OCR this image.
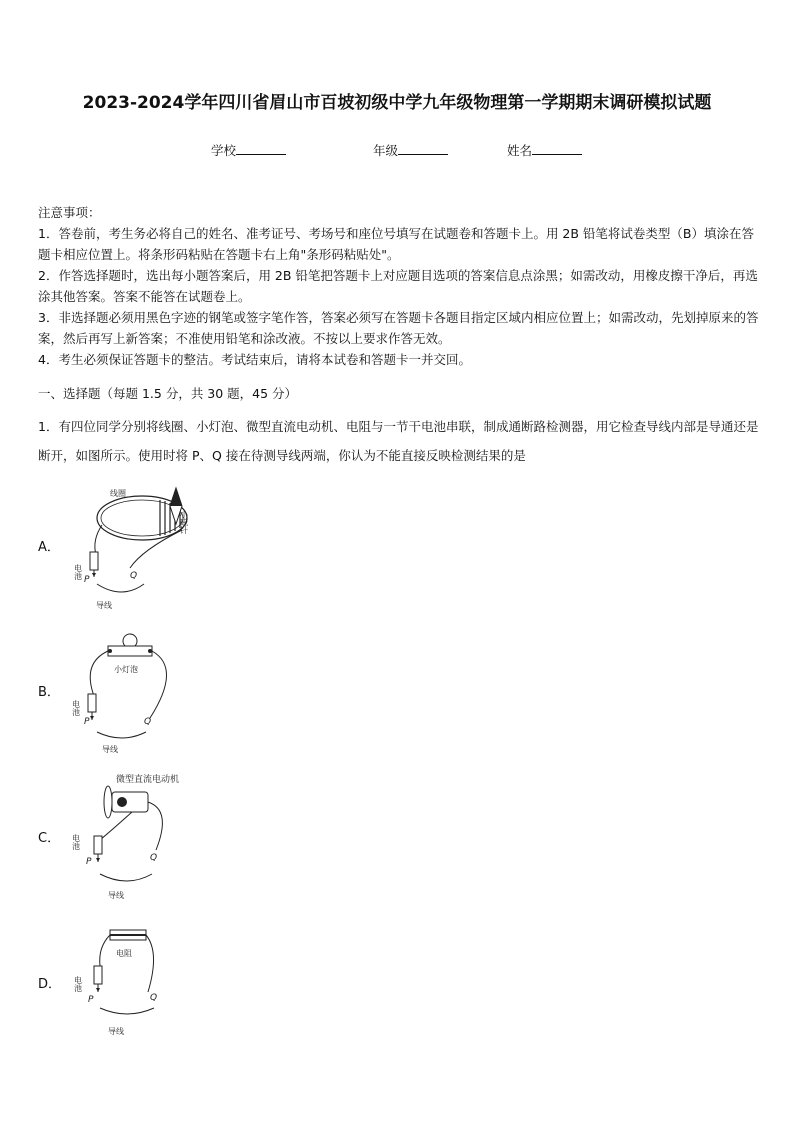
2023-2024学年四川省眉山市百坡初级中学九年级物理第一学期期末调研模拟试题
学校	年级	姓名

注意事项：

1．答卷前，考生务必将自己的姓名、准考证号、考场号和座位号填写在试题卷和答题卡上。用 2B 铅笔将试卷类型（B）填涂在答题卡相应位置上。将条形码粘贴在答题卡右上角"条形码粘贴处"。

2．作答选择题时，选出每小题答案后，用 2B 铅笔把答题卡上对应题目选项的答案信息点涂黑；如需改动，用橡皮擦干净后，再选涂其他答案。答案不能答在试题卷上。

3．非选择题必须用黑色字迹的钢笔或签字笔作答，答案必须写在答题卡各题目指定区域内相应位置上；如需改动，先划掉原来的答案，然后再写上新答案；不准使用铅笔和涂改液。不按以上要求作答无效。

4．考生必须保证答题卡的整洁。考试结束后，请将本试卷和答题卡一并交回。

一、选择题（每题 1.5 分，共 30 题，45 分）
1．有四位同学分别将线圈、小灯泡、微型直流电动机、电阻与一节干电池串联，制成通断路检测器，用它检查导线内部是导通还是断开，如图所示。使用时将 P、Q 接在待测导线两端，你认为不能直接反映检测结果的是
A．
线圈
小磁针
电池 P	Q
导线
B．
小灯泡
电池
P	Q
导线
C．
微型直流电动机
电池
P	Q
导线
D．
电阻
电池
P	Q
导线
